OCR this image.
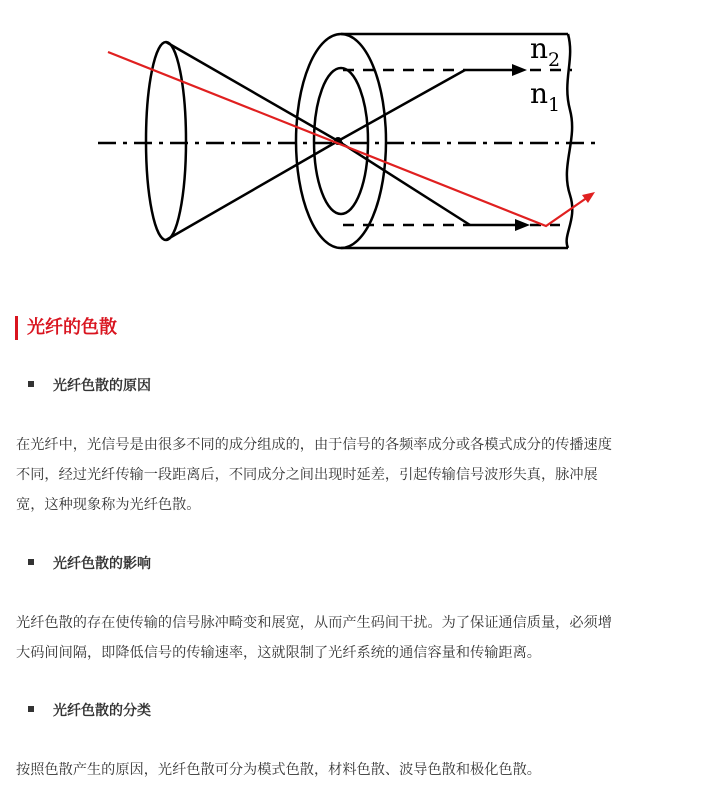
$n_2$
$n_1$
光纤的色散
光纤色散的原因
在光纤中，光信号是由很多不同的成分组成的，由于信号的各频率成分或各模式成分的传播速度
不同，经过光纤传输一段距离后，不同成分之间出现时延差，引起传输信号波形失真，脉冲展
宽，这种现象称为光纤色散。
光纤色散的影响
光纤色散的存在使传输的信号脉冲畸变和展宽，从而产生码间干扰。为了保证通信质量，必须增
大码间间隔，即降低信号的传输速率，这就限制了光纤系统的通信容量和传输距离。
光纤色散的分类
按照色散产生的原因，光纤色散可分为模式色散，材料色散、波导色散和极化色散。
